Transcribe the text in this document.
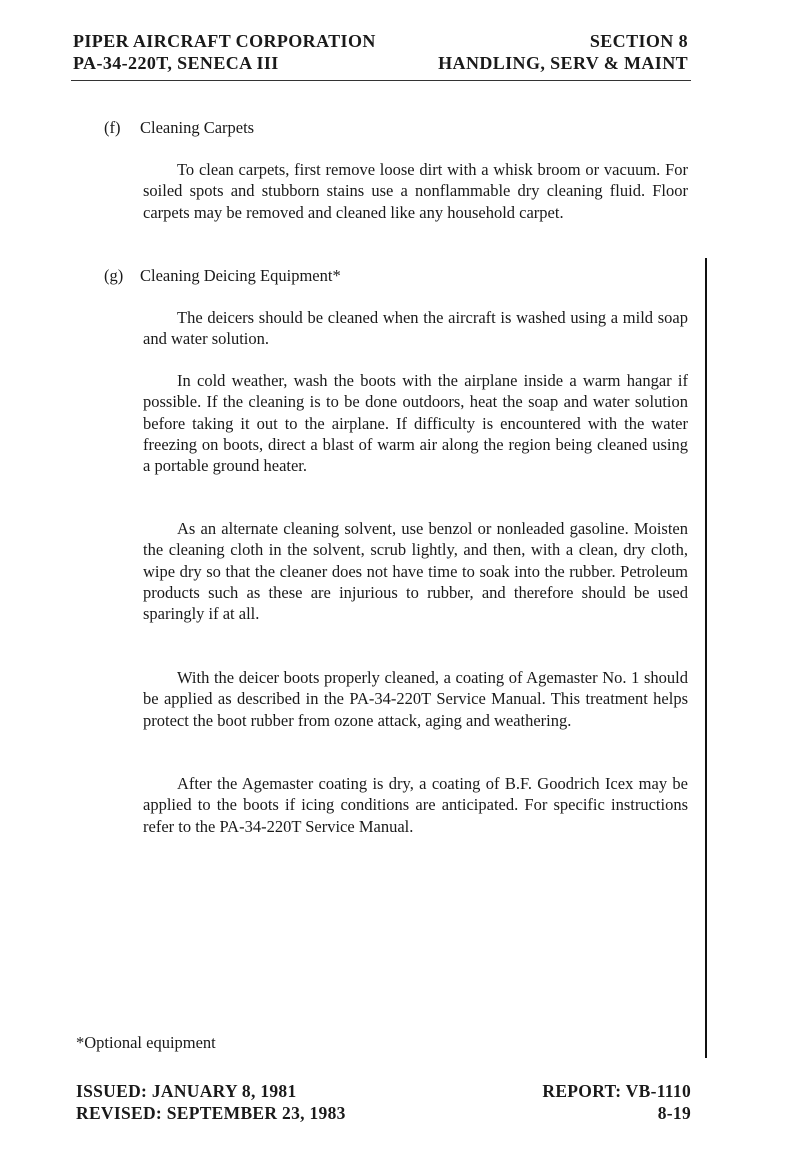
PIPER AIRCRAFT CORPORATION
PA-34-220T, SENECA III
SECTION 8
HANDLING, SERV & MAINT
(f) Cleaning Carpets

To clean carpets, first remove loose dirt with a whisk broom or vacuum. For soiled spots and stubborn stains use a nonflammable dry cleaning fluid. Floor carpets may be removed and cleaned like any household carpet.

(g) Cleaning Deicing Equipment*

The deicers should be cleaned when the aircraft is washed using a mild soap and water solution.

In cold weather, wash the boots with the airplane inside a warm hangar if possible. If the cleaning is to be done outdoors, heat the soap and water solution before taking it out to the airplane. If difficulty is encountered with the water freezing on boots, direct a blast of warm air along the region being cleaned using a portable ground heater.

As an alternate cleaning solvent, use benzol or nonleaded gasoline. Moisten the cleaning cloth in the solvent, scrub lightly, and then, with a clean, dry cloth, wipe dry so that the cleaner does not have time to soak into the rubber. Petroleum products such as these are injurious to rubber, and therefore should be used sparingly if at all.

With the deicer boots properly cleaned, a coating of Agemaster No. 1 should be applied as described in the PA-34-220T Service Manual. This treatment helps protect the boot rubber from ozone attack, aging and weathering.

After the Agemaster coating is dry, a coating of B.F. Goodrich Icex may be applied to the boots if icing conditions are anticipated. For specific instructions refer to the PA-34-220T Service Manual.

*Optional equipment
ISSUED: JANUARY 8, 1981
REVISED: SEPTEMBER 23, 1983
REPORT: VB-1110
8-19
